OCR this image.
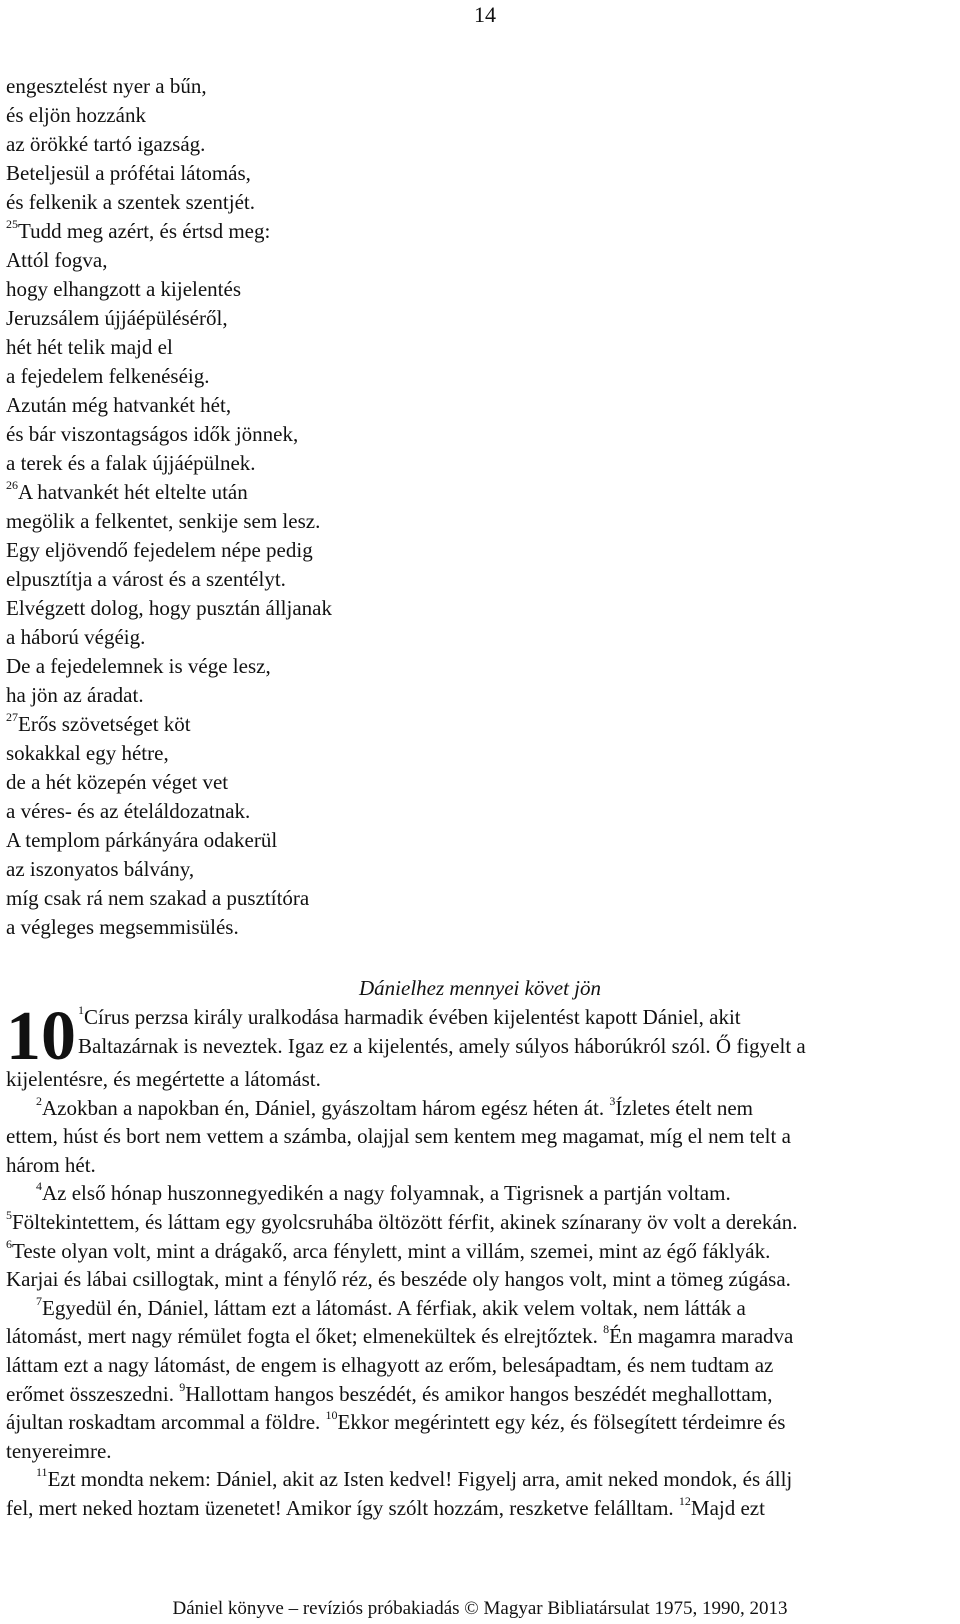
14
engesztelést nyer a bűn,
és eljön hozzánk
az örökké tartó igazság.
Beteljesül a prófétai látomás,
és felkenik a szentek szentjét.
$^{25}$Tudd meg azért, és értsd meg:
Attól fogva,
hogy elhangzott a kijelentés
Jeruzsálem újjáépüléséről,
hét hét telik majd el
a fejedelem felkenéséig.
Azután még hatvankét hét,
és bár viszontagságos idők jönnek,
a terek és a falak újjáépülnek.
$^{26}$A hatvankét hét eltelte után
megölik a felkentet, senkije sem lesz.
Egy eljövendő fejedelem népe pedig
elpusztítja a várost és a szentélyt.
Elvégzett dolog, hogy pusztán álljanak
a háború végéig.
De a fejedelemnek is vége lesz,
ha jön az áradat.
$^{27}$Erős szövetséget köt
sokakkal egy hétre,
de a hét közepén véget vet
a véres- és az ételáldozatnak.
A templom párkányára odakerül
az iszonyatos bálvány,
míg csak rá nem szakad a pusztítóra
a végleges megsemmisülés.
Dánielhez mennyei követ jön
10 $^1$Círus perzsa király uralkodása harmadik évében kijelentést kapott Dániel, akit
Baltazárnak is neveztek. Igaz ez a kijelentés, amely súlyos háborúkról szól. Ő figyelt a
kijelentésre, és megértette a látomást.

$^2$Azokban a napokban én, Dániel, gyászoltam három egész héten át. $^3$Ízletes ételt nem
ettem, húst és bort nem vettem a számba, olajjal sem kentem meg magamat, míg el nem telt a
három hét.

$^4$Az első hónap huszonnegyedikén a nagy folyamnak, a Tigrisnek a partján voltam.
$^5$Föltekintettem, és láttam egy gyolcsruhába öltözött férfit, akinek színarany öv volt a derekán.
$^6$Teste olyan volt, mint a drágakő, arca fénylett, mint a villám, szemei, mint az égő fáklyák.
Karjai és lábai csillogtak, mint a fénylő réz, és beszéde oly hangos volt, mint a tömeg zúgása.

$^7$Egyedül én, Dániel, láttam ezt a látomást. A férfiak, akik velem voltak, nem látták a
látomást, mert nagy rémület fogta el őket; elmenekültek és elrejtőztek. $^8$Én magamra maradva
láttam ezt a nagy látomást, de engem is elhagyott az erőm, belesápadtam, és nem tudtam az
erőmet összeszedni. $^9$Hallottam hangos beszédét, és amikor hangos beszédét meghallottam,
ájultan roskadtam arcommal a földre. $^{10}$Ekkor megérintett egy kéz, és fölsegített térdeimre és
tenyereimre.

$^{11}$Ezt mondta nekem: Dániel, akit az Isten kedvel! Figyelj arra, amit neked mondok, és állj
fel, mert neked hoztam üzenetet! Amikor így szólt hozzám, reszketve felálltam. $^{12}$Majd ezt

Dániel könyve – revíziós próbakiadás © Magyar Bibliatársulat 1975, 1990, 2013
